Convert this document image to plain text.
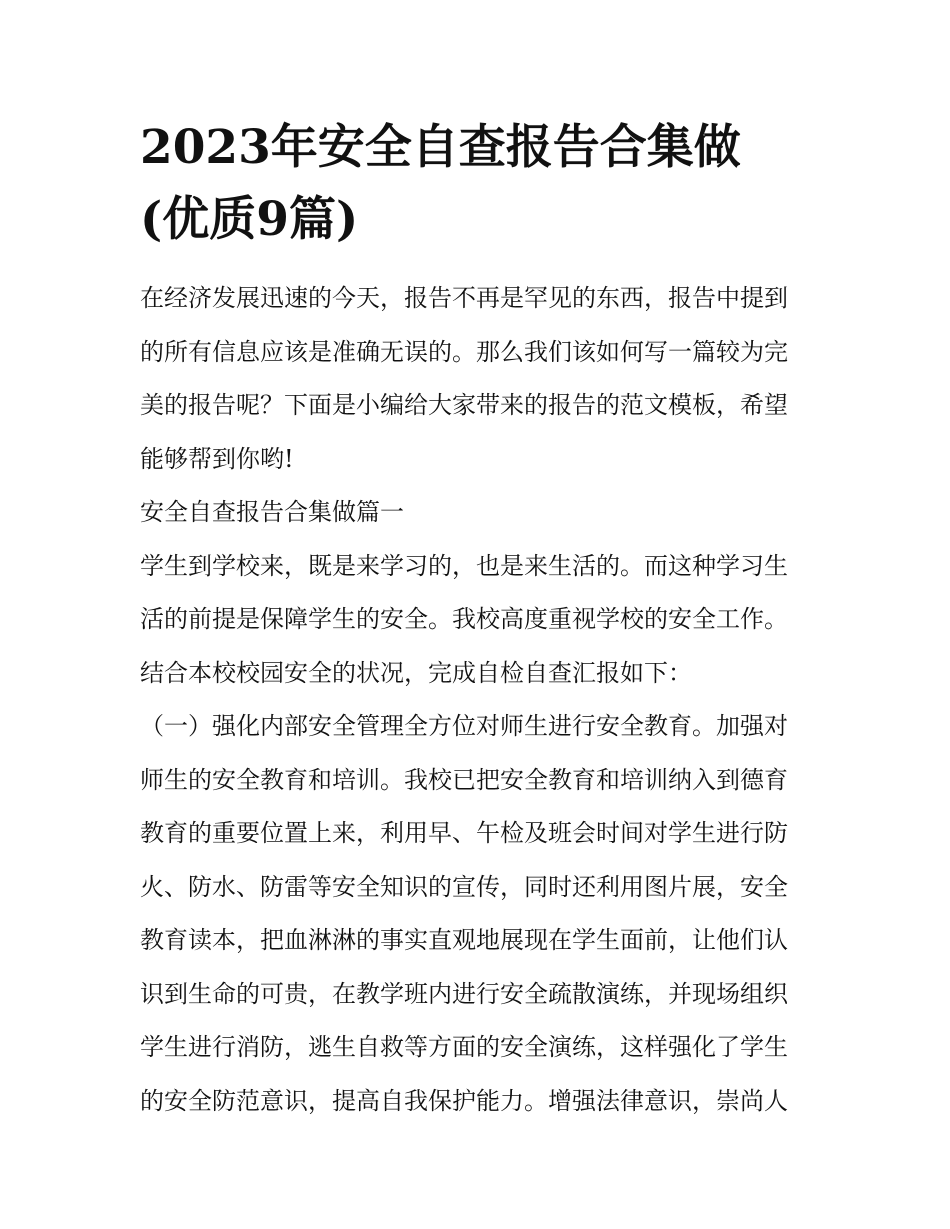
2023年安全自查报告合集做
(优质9篇)
在经济发展迅速的今天，报告不再是罕见的东西，报告中提到
的所有信息应该是准确无误的。那么我们该如何写一篇较为完
美的报告呢？下面是小编给大家带来的报告的范文模板，希望
能够帮到你哟!
安全自查报告合集做篇一
学生到学校来，既是来学习的，也是来生活的。而这种学习生
活的前提是保障学生的安全。我校高度重视学校的安全工作。
结合本校校园安全的状况，完成自检自查汇报如下：
（一）强化内部安全管理全方位对师生进行安全教育。加强对
师生的安全教育和培训。我校已把安全教育和培训纳入到德育
教育的重要位置上来，利用早、午检及班会时间对学生进行防
火、防水、防雷等安全知识的宣传，同时还利用图片展，安全
教育读本，把血淋淋的事实直观地展现在学生面前，让他们认
识到生命的可贵，在教学班内进行安全疏散演练，并现场组织
学生进行消防，逃生自救等方面的安全演练，这样强化了学生
的安全防范意识，提高自我保护能力。增强法律意识，崇尚人
